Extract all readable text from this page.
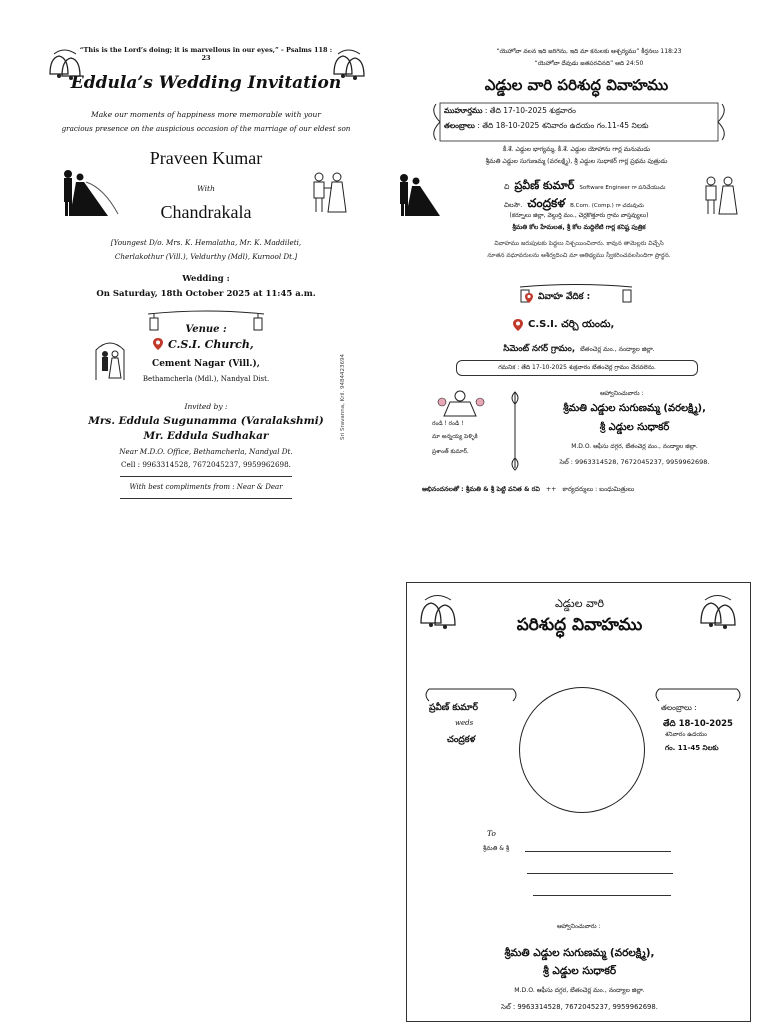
“This is the Lord’s doing; it is marvellous in our eyes,” - Psalms 118 : 23
Eddula’s Wedding Invitation
Make our moments of happiness more memorable with your
gracious presence on the auspicious occasion of the marriage of our eldest son
Praveen Kumar
With
Chandrakala
[Youngest D/o. Mrs. K. Hemalatha, Mr. K. Maddileti,
Cherlakothur (Vill.), Veldurthy (Mdl), Kurnool Dt.]
Wedding :
On Saturday, 18th October 2025 at 11:45 a.m.
Venue :
C.S.I. Church,
Cement Nagar (Vill.),
Bethamcherla (Mdl.), Nandyal Dist.
Invited by :
Mrs. Eddula Sugunamma (Varalakshmi)
Mr. Eddula Sudhakar
Near M.D.O. Office, Bethamcherla, Nandyal Dt.
Cell : 9963314528, 7672045237, 9959962698.
With best compliments from : Near & Dear
Sri Sravanna, Kril. 9484423694
“యెహోవా వలన ఇది జరిగెను, ఇది మా కనులకు ఆశ్చర్యము” కీర్తనలు 118:23
“యెహోవా దేవుడు జతపరచినది” ఆది 24:50
ఎడ్డుల వారి పరిశుద్ధ వివాహము
ముహూర్తము : తేది 17-10-2025 శుక్రవారం
తలంబ్రాలు : తేది 18-10-2025 శనివారం ఉదయం గం.11-45 నిలకు
కీ.శే. ఎడ్డుల భాగ్యమ్మ, కీ.శే. ఎడ్డుల యోహాను గార్ల మనుమడు
శ్రీమతి ఎడ్డుల సుగుణమ్మ (వరలక్ష్మి), శ్రీ ఎడ్డుల సుధాకర్ గార్ల ప్రథమ పుత్రుడు
చి ప్రవీణ్ కుమార్ Software Engineer గా పనిచేయుచు
చిలసౌ. చంద్రకళ B.Com. (Comp.) గా చదువుచు
(కర్నూలు జిల్లా, వెల్దుర్తి మం., చెర్లకొత్తూరు గ్రామ వాస్తవ్యులు)
శ్రీమతి కోల హేమలత, శ్రీ కోల మద్దిలేటి గార్ల కనిష్ట పుత్రిక
వివాహము జరుపుటకు పెద్దలు నిశ్చయించినారు. కావున తామెల్లరు విచ్చేసి
నూతన వధూవరులను ఆశీర్వదించి మా ఆతిథ్యము స్వీకరించవలసిందిగా ప్రార్థన.
వివాహ వేదిక :
C.S.I. చర్చి యందు,
సిమెంట్ నగర్ గ్రామం, బేతంచెర్ల మం., నంద్యాల జిల్లా.
గమనిక : తేది 17-10-2025 శుక్రవారం బేతంచెర్ల గ్రామం చేరవలెను.
రండి ! రండి !
మా అన్నయ్య పెళ్ళికి
ప్రశాంత్ కుమార్.
ఆహ్వానించువారు :
శ్రీమతి ఎడ్డుల సుగుణమ్మ (వరలక్ష్మి),
శ్రీ ఎడ్డుల సుధాకర్
M.D.O. ఆఫీసు దగ్గర, బేతంచెర్ల మం., నంద్యాల జిల్లా.
సెల్ : 9963314528, 7672045237, 9959962698.
అభినందనలతో : శ్రీమతి & శ్రీ పెట్టి వనిత & రవి ++ కార్యదర్శులు : బంధుమిత్రులు
ఎడ్డుల వారి
పరిశుద్ధ వివాహము
ప్రవీణ్ కుమార్
weds
చంద్రకళ
తలంబ్రాలు :
తేది 18-10-2025
శనివారం ఉదయం
గం. 11-45 నిలకు
To
శ్రీమతి & శ్రీ
ఆహ్వానించువారు :
శ్రీమతి ఎడ్డుల సుగుణమ్మ (వరలక్ష్మి),
శ్రీ ఎడ్డుల సుధాకర్
M.D.O. ఆఫీసు దగ్గర, బేతంచెర్ల మం., నంద్యాల జిల్లా.
సెల్ : 9963314528, 7672045237, 9959962698.
